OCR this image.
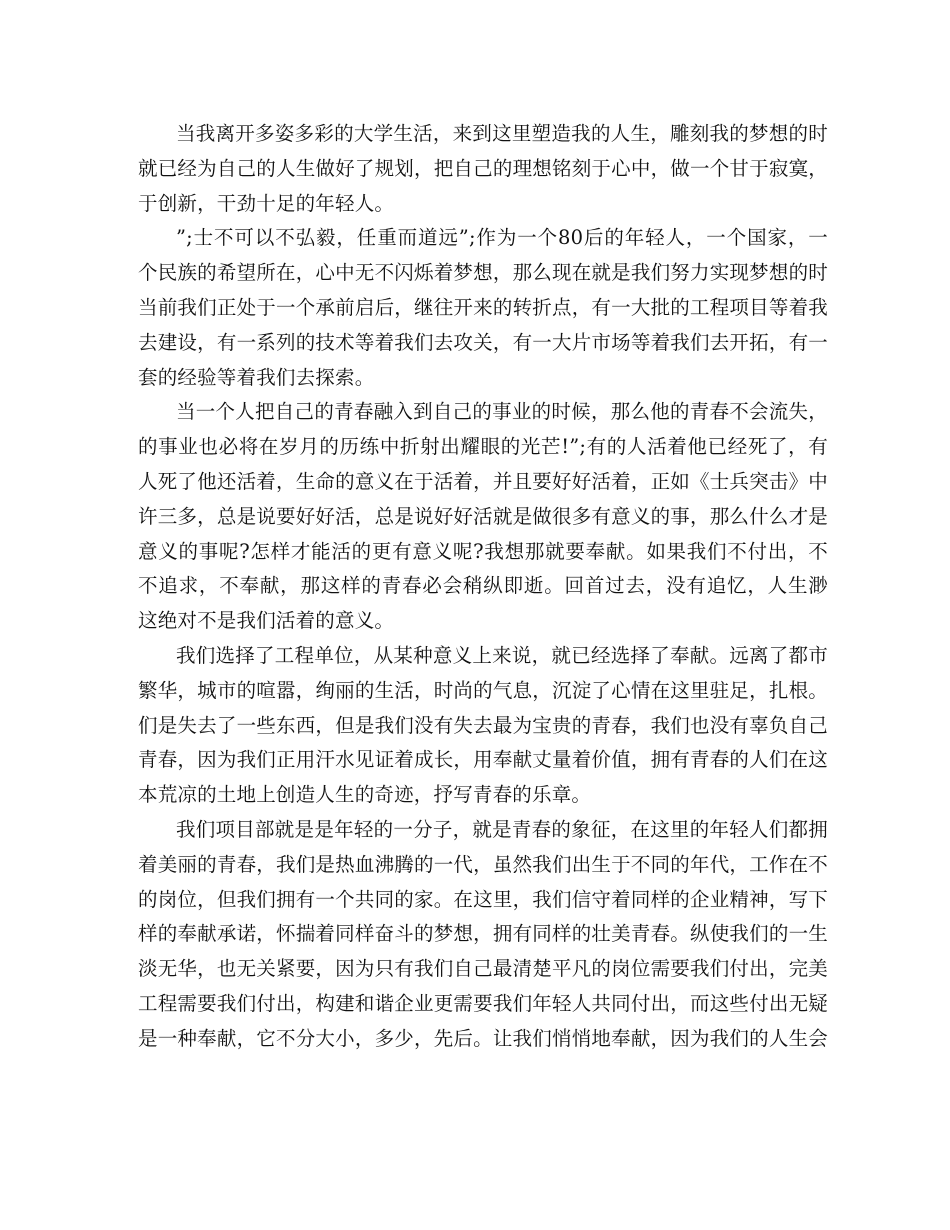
当我离开多姿多彩的大学生活，来到这里塑造我的人生，雕刻我的梦想的时
就已经为自己的人生做好了规划，把自己的理想铭刻于心中，做一个甘于寂寞，
于创新，干劲十足的年轻人。
”;士不可以不弘毅，任重而道远”;作为一个80后的年轻人，一个国家，一
个民族的希望所在，心中无不闪烁着梦想，那么现在就是我们努力实现梦想的时
当前我们正处于一个承前启后，继往开来的转折点，有一大批的工程项目等着我
去建设，有一系列的技术等着我们去攻关，有一大片市场等着我们去开拓，有一
套的经验等着我们去探索。
当一个人把自己的青春融入到自己的事业的时候，那么他的青春不会流失，
的事业也必将在岁月的历练中折射出耀眼的光芒!”;有的人活着他已经死了，有
人死了他还活着，生命的意义在于活着，并且要好好活着，正如《士兵突击》中
许三多，总是说要好好活，总是说好好活就是做很多有意义的事，那么什么才是
意义的事呢?怎样才能活的更有意义呢?我想那就要奉献。如果我们不付出，不
不追求，不奉献，那这样的青春必会稍纵即逝。回首过去，没有追忆，人生渺
这绝对不是我们活着的意义。
我们选择了工程单位，从某种意义上来说，就已经选择了奉献。远离了都市
繁华，城市的喧嚣，绚丽的生活，时尚的气息，沉淀了心情在这里驻足，扎根。
们是失去了一些东西，但是我们没有失去最为宝贵的青春，我们也没有辜负自己
青春，因为我们正用汗水见证着成长，用奉献丈量着价值，拥有青春的人们在这
本荒凉的土地上创造人生的奇迹，抒写青春的乐章。
我们项目部就是是年轻的一分子，就是青春的象征，在这里的年轻人们都拥
着美丽的青春，我们是热血沸腾的一代，虽然我们出生于不同的年代，工作在不
的岗位，但我们拥有一个共同的家。在这里，我们信守着同样的企业精神，写下
样的奉献承诺，怀揣着同样奋斗的梦想，拥有同样的壮美青春。纵使我们的一生
淡无华，也无关紧要，因为只有我们自己最清楚平凡的岗位需要我们付出，完美
工程需要我们付出，构建和谐企业更需要我们年轻人共同付出，而这些付出无疑
是一种奉献，它不分大小，多少，先后。让我们悄悄地奉献，因为我们的人生会
